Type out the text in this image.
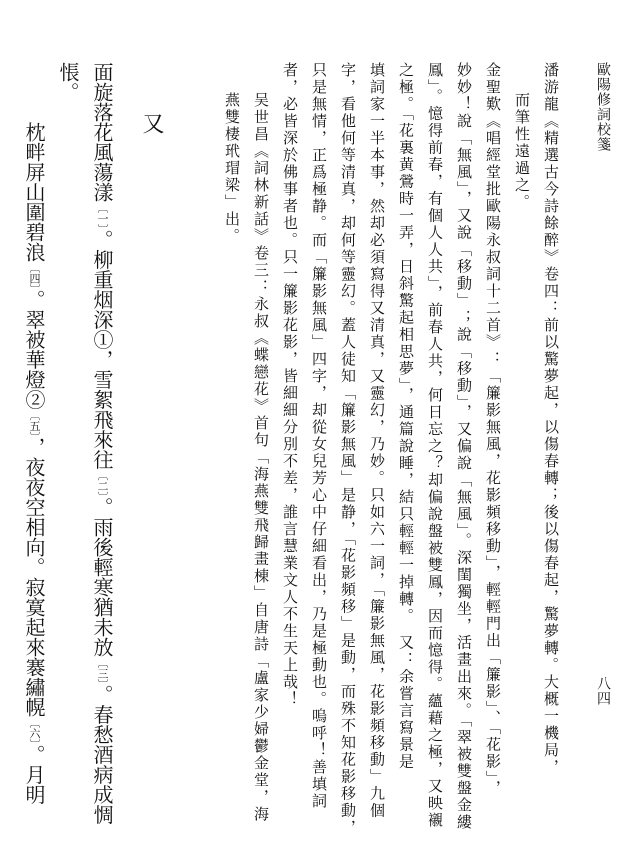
歐陽修詞校箋
八四
潘游龍《精選古今詩餘醉》卷四：前以驚夢起，以傷春轉；後以傷春起，驚夢轉。大概一機局，
而筆性遠過之。
金聖歎《唱經堂批歐陽永叔詞十二首》：「簾影無風，花影頻移動」，輕輕門出「簾影」、「花影」，
妙妙！說「無風」，又說「移動」；說「移動」，又偏說「無風」。深閨獨坐，活畫出來。「翠被雙盤金縷
鳳」。憶得前春，有個人人共」，前春人共，何日忘之？却偏說盤被雙鳳，因而憶得。蘊藉之極，又映襯
之極。「花裏黄鶯時一弄，日斜驚起相思夢」，通篇說睡，結只輕輕一掉轉。　又：余嘗言寫景是
填詞家一半本事，然却必須寫得又清真，又靈幻，乃妙。只如六一詞，「簾影無風，花影頻移動」九個
字，看他何等清真，却何等靈幻。蓋人徒知「簾影無風」是静，「花影頻移」是動，而殊不知花影移動，
只是無情，正爲極静。而「簾影無風」四字，却從女兒芳心中仔細看出，乃是極動也。嗚呼！善填詞
者，必皆深於佛事者也。只一簾影花影，皆細細分別不差，誰言慧業文人不生天上哉！
吴世昌《詞林新話》卷三：永叔《蝶戀花》首句「海燕雙飛歸畫棟」自唐詩「盧家少婦鬱金堂，海
燕雙棲玳瑁梁」出。
又
面旋落花風蕩漾〔一〕。柳重烟深①，雪絮飛來往〔二〕。雨後輕寒猶未放〔三〕。春愁酒病成惆
悵。
枕畔屏山圍碧浪〔四〕。翠被華燈②〔五〕，夜夜空相向。寂寞起來褰繡幌〔六〕。月明
